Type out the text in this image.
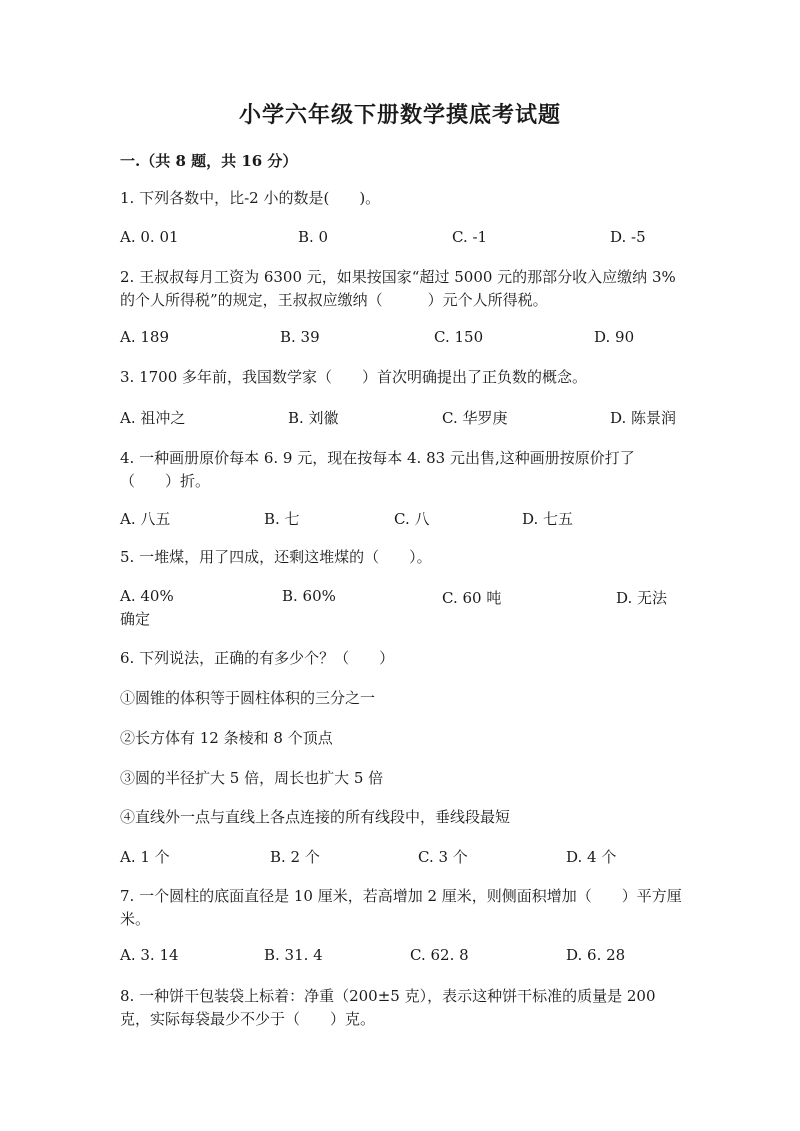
小学六年级下册数学摸底考试题
一.（共 8 题，共 16 分）
1. 下列各数中，比-2 小的数是(　　)。
A. 0. 01	B. 0	C. -1	D. -5
2. 王叔叔每月工资为 6300 元，如果按国家“超过 5000 元的那部分收入应缴纳 3%的个人所得税”的规定，王叔叔应缴纳（　　　）元个人所得税。
A. 189	B. 39	C. 150	D. 90
3. 1700 多年前，我国数学家（　　）首次明确提出了正负数的概念。
A. 祖冲之	B. 刘徽	C. 华罗庚	D. 陈景润
4. 一种画册原价每本 6. 9 元，现在按每本 4. 83 元出售,这种画册按原价打了（　　）折。
A. 八五	B. 七	C. 八	D. 七五
5. 一堆煤，用了四成，还剩这堆煤的（　　）。
A. 40%	B. 60%	C. 60 吨	D. 无法
确定
6. 下列说法，正确的有多少个？（　　）
①圆锥的体积等于圆柱体积的三分之一
②长方体有 12 条棱和 8 个顶点
③圆的半径扩大 5 倍，周长也扩大 5 倍
④直线外一点与直线上各点连接的所有线段中，垂线段最短
A. 1 个	B. 2 个	C. 3 个	D. 4 个
7. 一个圆柱的底面直径是 10 厘米，若高增加 2 厘米，则侧面积增加（　　）平方厘米。
A. 3. 14	B. 31. 4	C. 62. 8	D. 6. 28
8. 一种饼干包装袋上标着：净重（200±5 克），表示这种饼干标准的质量是 200 克，实际每袋最少不少于（　　）克。
